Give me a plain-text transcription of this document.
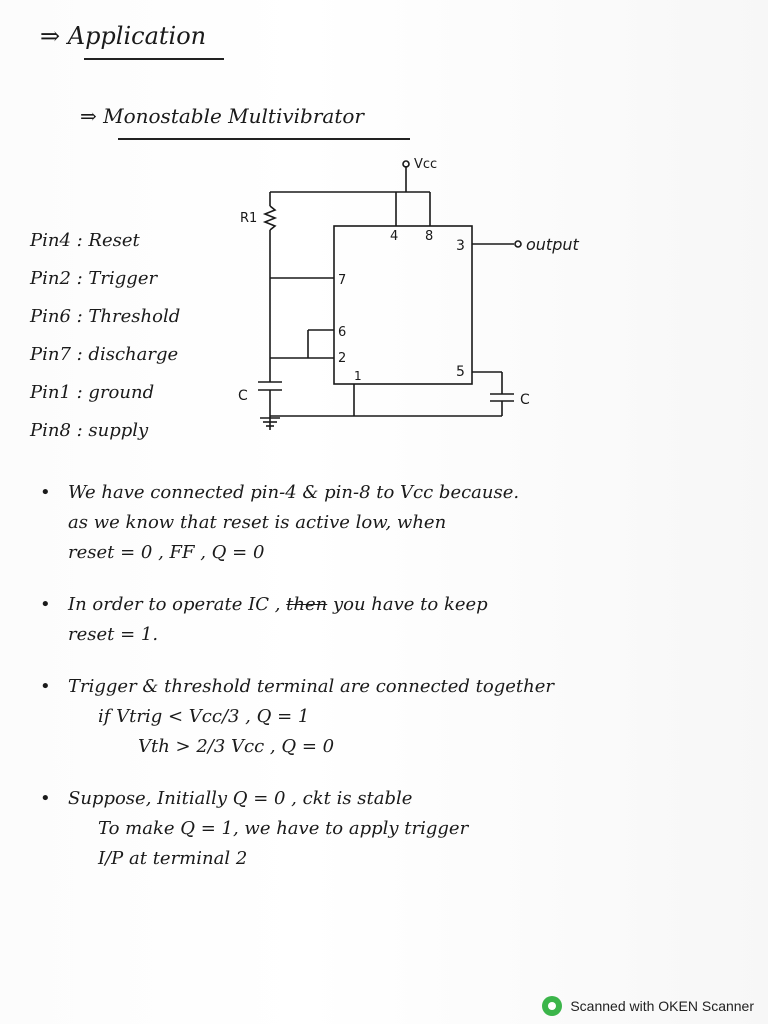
⇒ Application
⇒ Monostable Multivibrator
Pin4 : Reset
Pin2 : Trigger
Pin6 : Threshold
Pin7 : discharge
Pin1 : ground
Pin8 : supply
Vcc
R1
C	C
output
4 8
3
7
6
2
1	5
• We have connected pin-4 & pin-8 to Vcc because.
as we know that reset is active low, when
reset = 0 , FF , Q = 0
• In order to operate IC , then you have to keep
reset = 1.
• Trigger & threshold terminal are connected together
if Vtrig < Vcc/3 , Q = 1
Vth > 2/3 Vcc , Q = 0
• Suppose, Initially Q = 0 , ckt is stable
To make Q = 1, we have to apply trigger
I/P at terminal 2
Scanned with OKEN Scanner
